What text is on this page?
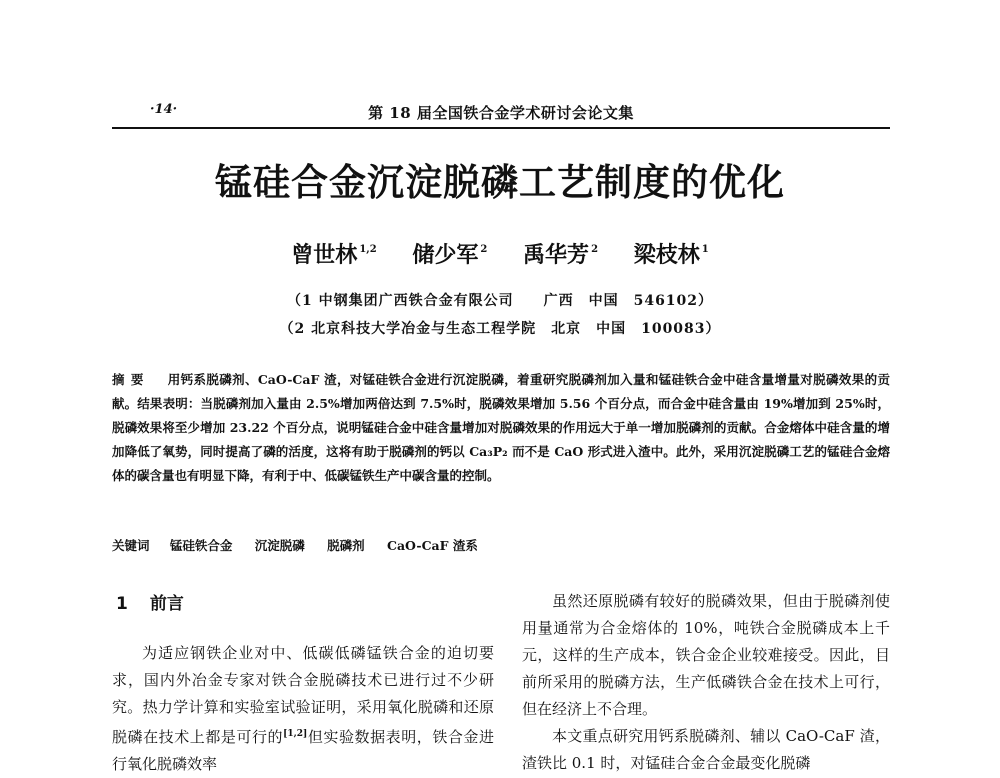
·14·	第 18 届全国铁合金学术研讨会论文集
锰硅合金沉淀脱磷工艺制度的优化
曾世林 $^{1,2}$ 储少军 $^2$ 禹华芳 $^2$ 梁枝林 $^1$
（1 中钢集团广西铁合金有限公司　　广西　中国　546102）
（2 北京科技大学冶金与生态工程学院　北京　中国　100083）
摘要 用钙系脱磷剂、CaO-CaF 渣，对锰硅铁合金进行沉淀脱磷，着重研究脱磷剂加入量和锰硅铁合金中硅含量增量对脱磷效果的贡献。结果表明：当脱磷剂加入量由 2.5%增加两倍达到 7.5%时，脱磷效果增加 5.56 个百分点，而合金中硅含量由 19%增加到 25%时，脱磷效果将至少增加 23.22 个百分点，说明锰硅合金中硅含量增加对脱磷效果的作用远大于单一增加脱磷剂的贡献。合金熔体中硅含量的增加降低了氧势，同时提高了磷的活度，这将有助于脱磷剂的钙以 Ca₃P₂ 而不是 CaO 形式进入渣中。此外，采用沉淀脱磷工艺的锰硅合金熔体的碳含量也有明显下降，有利于中、低碳锰铁生产中碳含量的控制。
关键词 锰硅铁合金 沉淀脱磷 脱磷剂 CaO-CaF 渣系
1 前言

为适应钢铁企业对中、低碳低磷锰铁合金的迫切要求，国内外冶金专家对铁合金脱磷技术已进行过不少研究。热力学计算和实验室试验证明，采用氧化脱磷和还原脱磷在技术上都是可行的[1,2]但实验数据表明，铁合金进行氧化脱磷效率

虽然还原脱磷有较好的脱磷效果，但由于脱磷剂使用量通常为合金熔体的 10%，吨铁合金脱磷成本上千元，这样的生产成本，铁合金企业较难接受。因此，目前所采用的脱磷方法，生产低磷铁合金在技术上可行，但在经济上不合理。

本文重点研究用钙系脱磷剂、辅以 CaO-CaF 渣，渣铁比 0.1 时，对锰硅合金合金最变化脱磷
